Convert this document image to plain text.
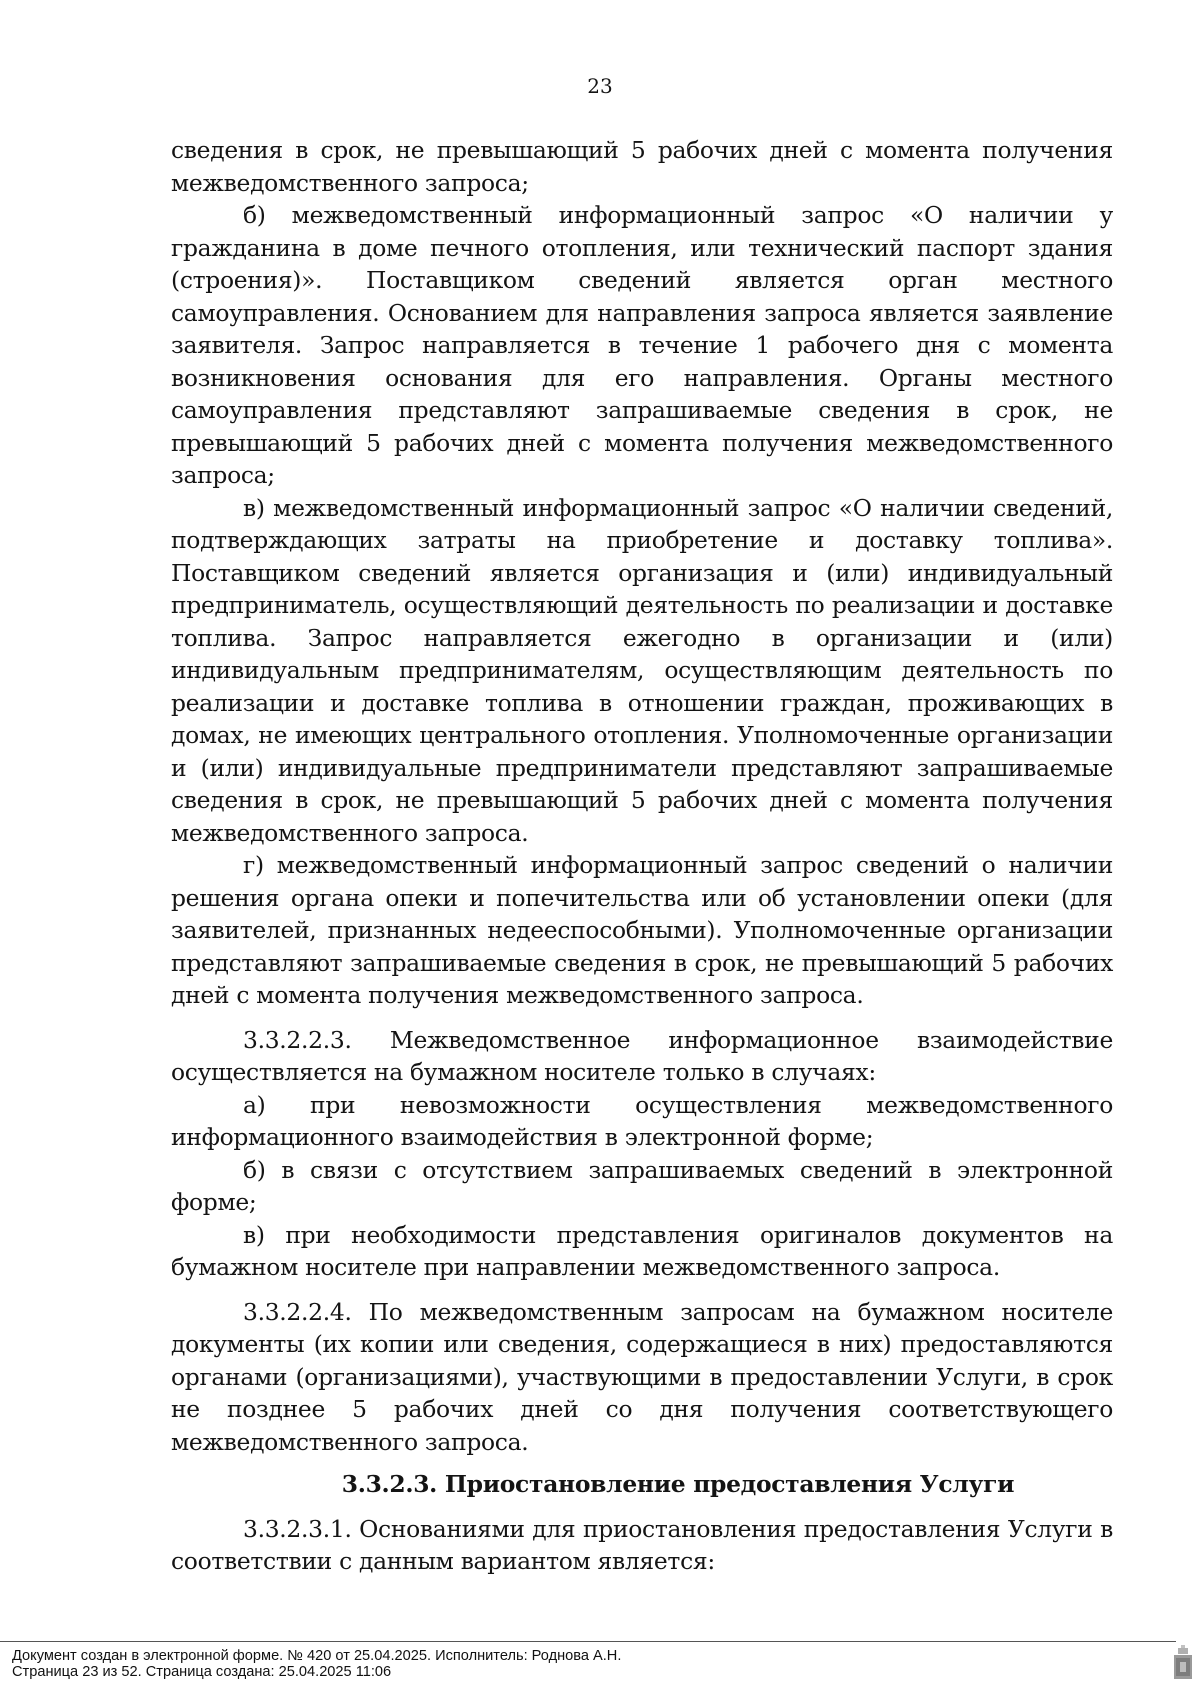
23

сведения в срок, не превышающий 5 рабочих дней с момента получения межведомственного запроса;

б) межведомственный информационный запрос «О наличии у гражданина в доме печного отопления, или технический паспорт здания (строения)». Поставщиком сведений является орган местного самоуправления. Основанием для направления запроса является заявление заявителя. Запрос направляется в течение 1 рабочего дня с момента возникновения основания для его направления. Органы местного самоуправления представляют запрашиваемые сведения в срок, не превышающий 5 рабочих дней с момента получения межведомственного запроса;

в) межведомственный информационный запрос «О наличии сведений, подтверждающих затраты на приобретение и доставку топлива». Поставщиком сведений является организация и (или) индивидуальный предприниматель, осуществляющий деятельность по реализации и доставке топлива. Запрос направляется ежегодно в организации и (или) индивидуальным предпринимателям, осуществляющим деятельность по реализации и доставке топлива в отношении граждан, проживающих в домах, не имеющих центрального отопления. Уполномоченные организации и (или) индивидуальные предприниматели представляют запрашиваемые сведения в срок, не превышающий 5 рабочих дней с момента получения межведомственного запроса.

г) межведомственный информационный запрос сведений о наличии решения органа опеки и попечительства или об установлении опеки (для заявителей, признанных недееспособными). Уполномоченные организации представляют запрашиваемые сведения в срок, не превышающий 5 рабочих дней с момента получения межведомственного запроса.

3.3.2.2.3. Межведомственное информационное взаимодействие осуществляется на бумажном носителе только в случаях:

а) при невозможности осуществления межведомственного информационного взаимодействия в электронной форме;

б) в связи с отсутствием запрашиваемых сведений в электронной форме;

в) при необходимости представления оригиналов документов на бумажном носителе при направлении межведомственного запроса.

3.3.2.2.4. По межведомственным запросам на бумажном носителе документы (их копии или сведения, содержащиеся в них) предоставляются органами (организациями), участвующими в предоставлении Услуги, в срок не позднее 5 рабочих дней со дня получения соответствующего межведомственного запроса.

3.3.2.3. Приостановление предоставления Услуги

3.3.2.3.1. Основаниями для приостановления предоставления Услуги в соответствии с данным вариантом является:

Документ создан в электронной форме. № 420 от 25.04.2025. Исполнитель: Роднова А.Н.
Страница 23 из 52. Страница создана: 25.04.2025 11:06
